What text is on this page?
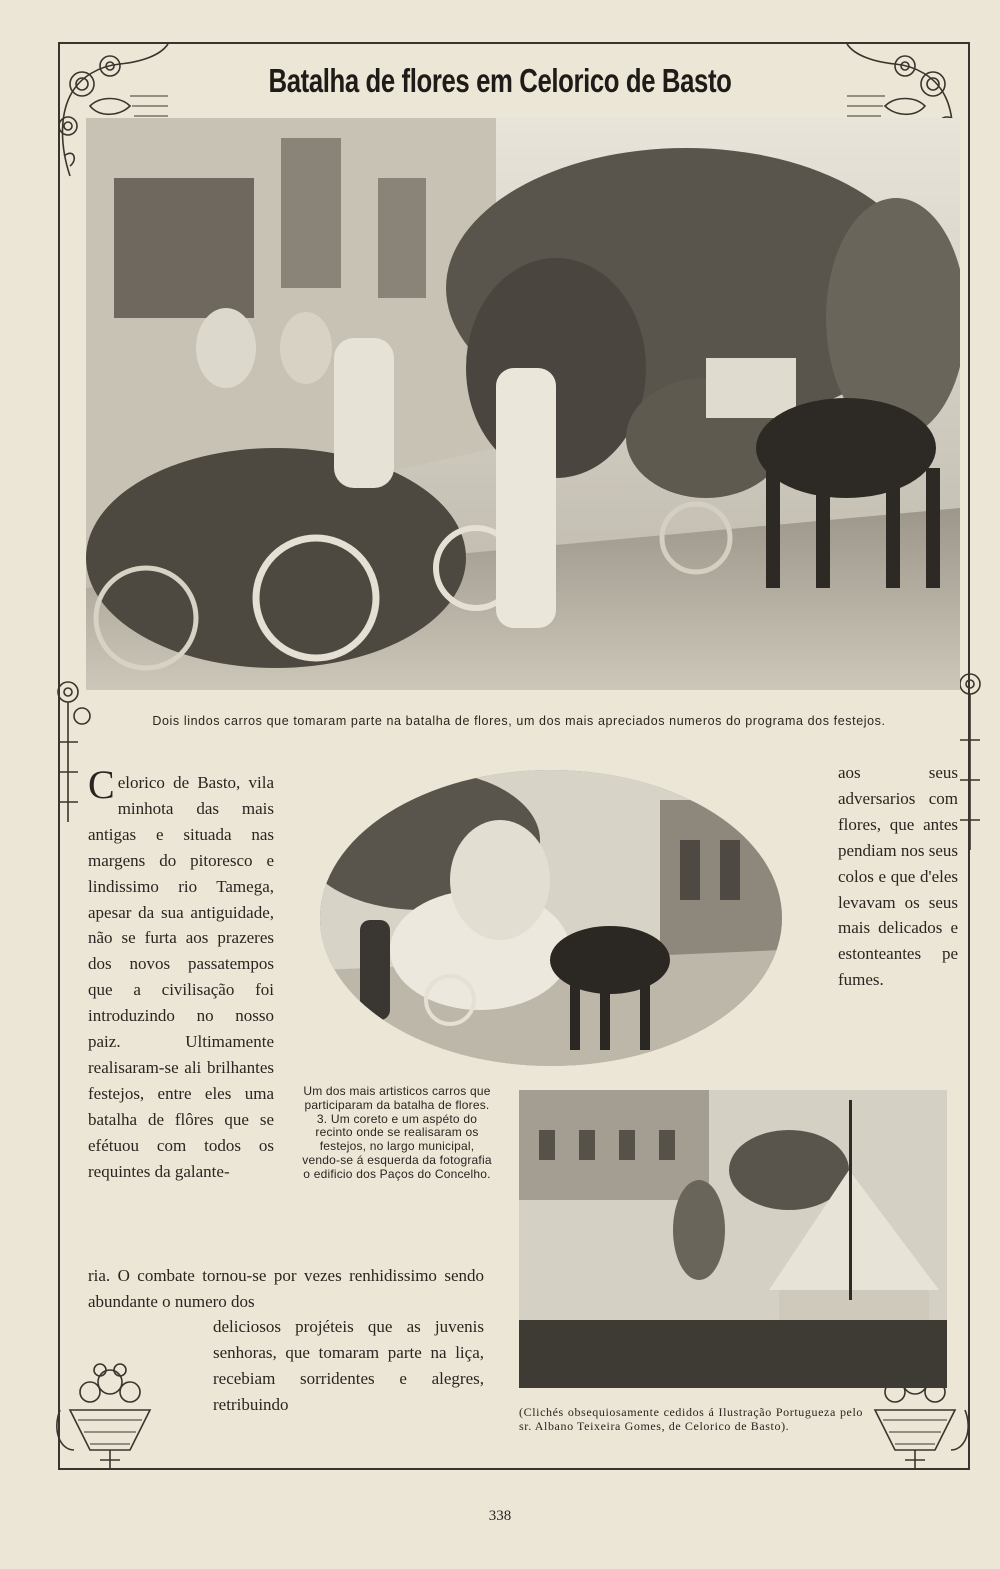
Batalha de flores em Celorico de Basto
Dois lindos carros que tomaram parte na batalha de flores, um dos mais apreciados numeros do programa dos festejos.
Um dos mais artisticos carros que participaram da batalha de flores. 3. Um coreto e um aspéto do recinto onde se realisaram os festejos, no largo municipal, vendo-se á esquerda da fotografia o edificio dos Paços do Concelho.
(Clichés obsequiosamente cedidos á Ilustração Portugueza pelo sr. Albano Teixeira Gomes, de Celorico de Basto).
Celorico de Basto, vila minhota das mais antigas e situada nas margens do pitoresco e lindissimo rio Tamega, apesar da sua antiguidade, não se furta aos prazeres dos novos passatempos que a civilisação foi introduzindo no nosso paiz. Ultimamente realisaram-se ali brilhantes festejos, entre eles uma batalha de flôres que se efétuou com todos os requintes da galante-
aos seus adversarios com flores, que antes pendiam nos seus colos e que d'eles levavam os seus mais delicados e estonteantes pe fumes.
ria. O combate tornou-se por vezes renhidissimo sendo abundante o numero dos
deliciosos projéteis que as juvenis senhoras, que tomaram parte na liça, recebiam sorridentes e alegres, retribuindo
338
